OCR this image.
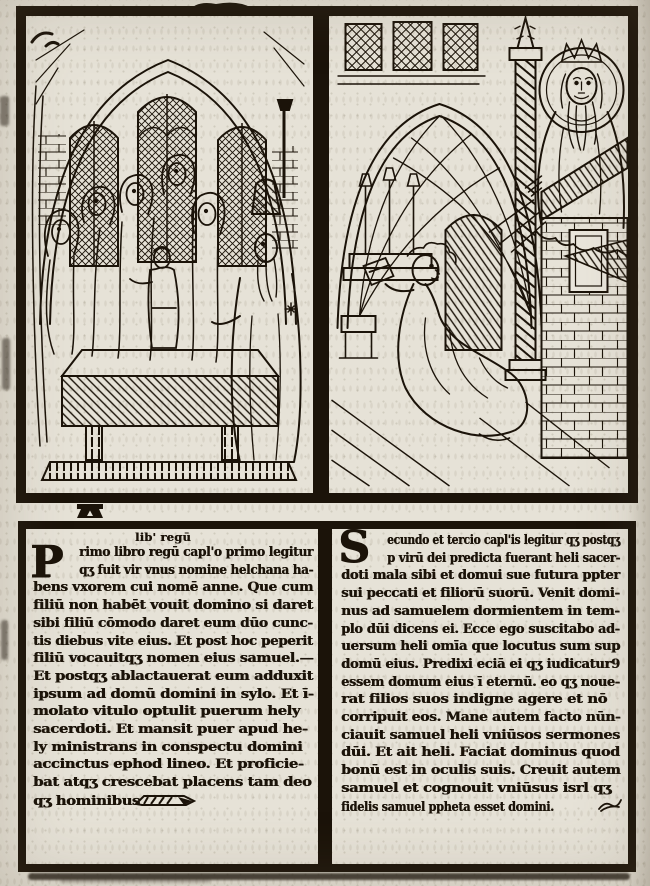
lib' regū
P	rimo libro regū capl'o primo legitur
qʒ fuit vir vnus nomine helchana ha-
bens vxorem cui nomē anne. Que cum
filiū non habēt vouit domino si daret
sibi filiū cōmodo daret eum dūo cunc-
tis diebus vite eius. Et post hoc peperit
filiū vocauitqʒ nomen eius samuel.—
Et postqʒ ablactauerat eum adduxit
ipsum ad domū domini in sylo. Et ī-
molato vitulo optulit puerum hely
sacerdoti. Et mansit puer apud he-
ly ministrans in conspectu domini
accinctus ephod lineo. Et proficie-
bat atqʒ crescebat placens tam deo
qʒ hominibus
S	ecundo et tercio capl'is legitur qʒ postqʒ
p virū dei predicta fuerant heli sacer-
doti mala sibi et domui sue futura ppter
sui peccati et filiorū suorū. Venit domi-
nus ad samuelem dormientem in tem-
plo dūi dicens ei. Ecce ego suscitabo ad-
uersum heli omīa que locutus sum sup
domū eius. Predixi eciā ei qʒ iudicatur9
essem domum eius ī eternū. eo qʒ noue-
rat filios suos indigne agere et nō
corripuit eos. Mane autem facto nūn-
ciauit samuel heli vniūsos sermones
dūi. Et ait heli. Faciat dominus quod
bonū est in oculis suis. Creuit autem
samuel et cognouit vniūsus isrl qʒ
fidelis samuel ppheta esset domini.
